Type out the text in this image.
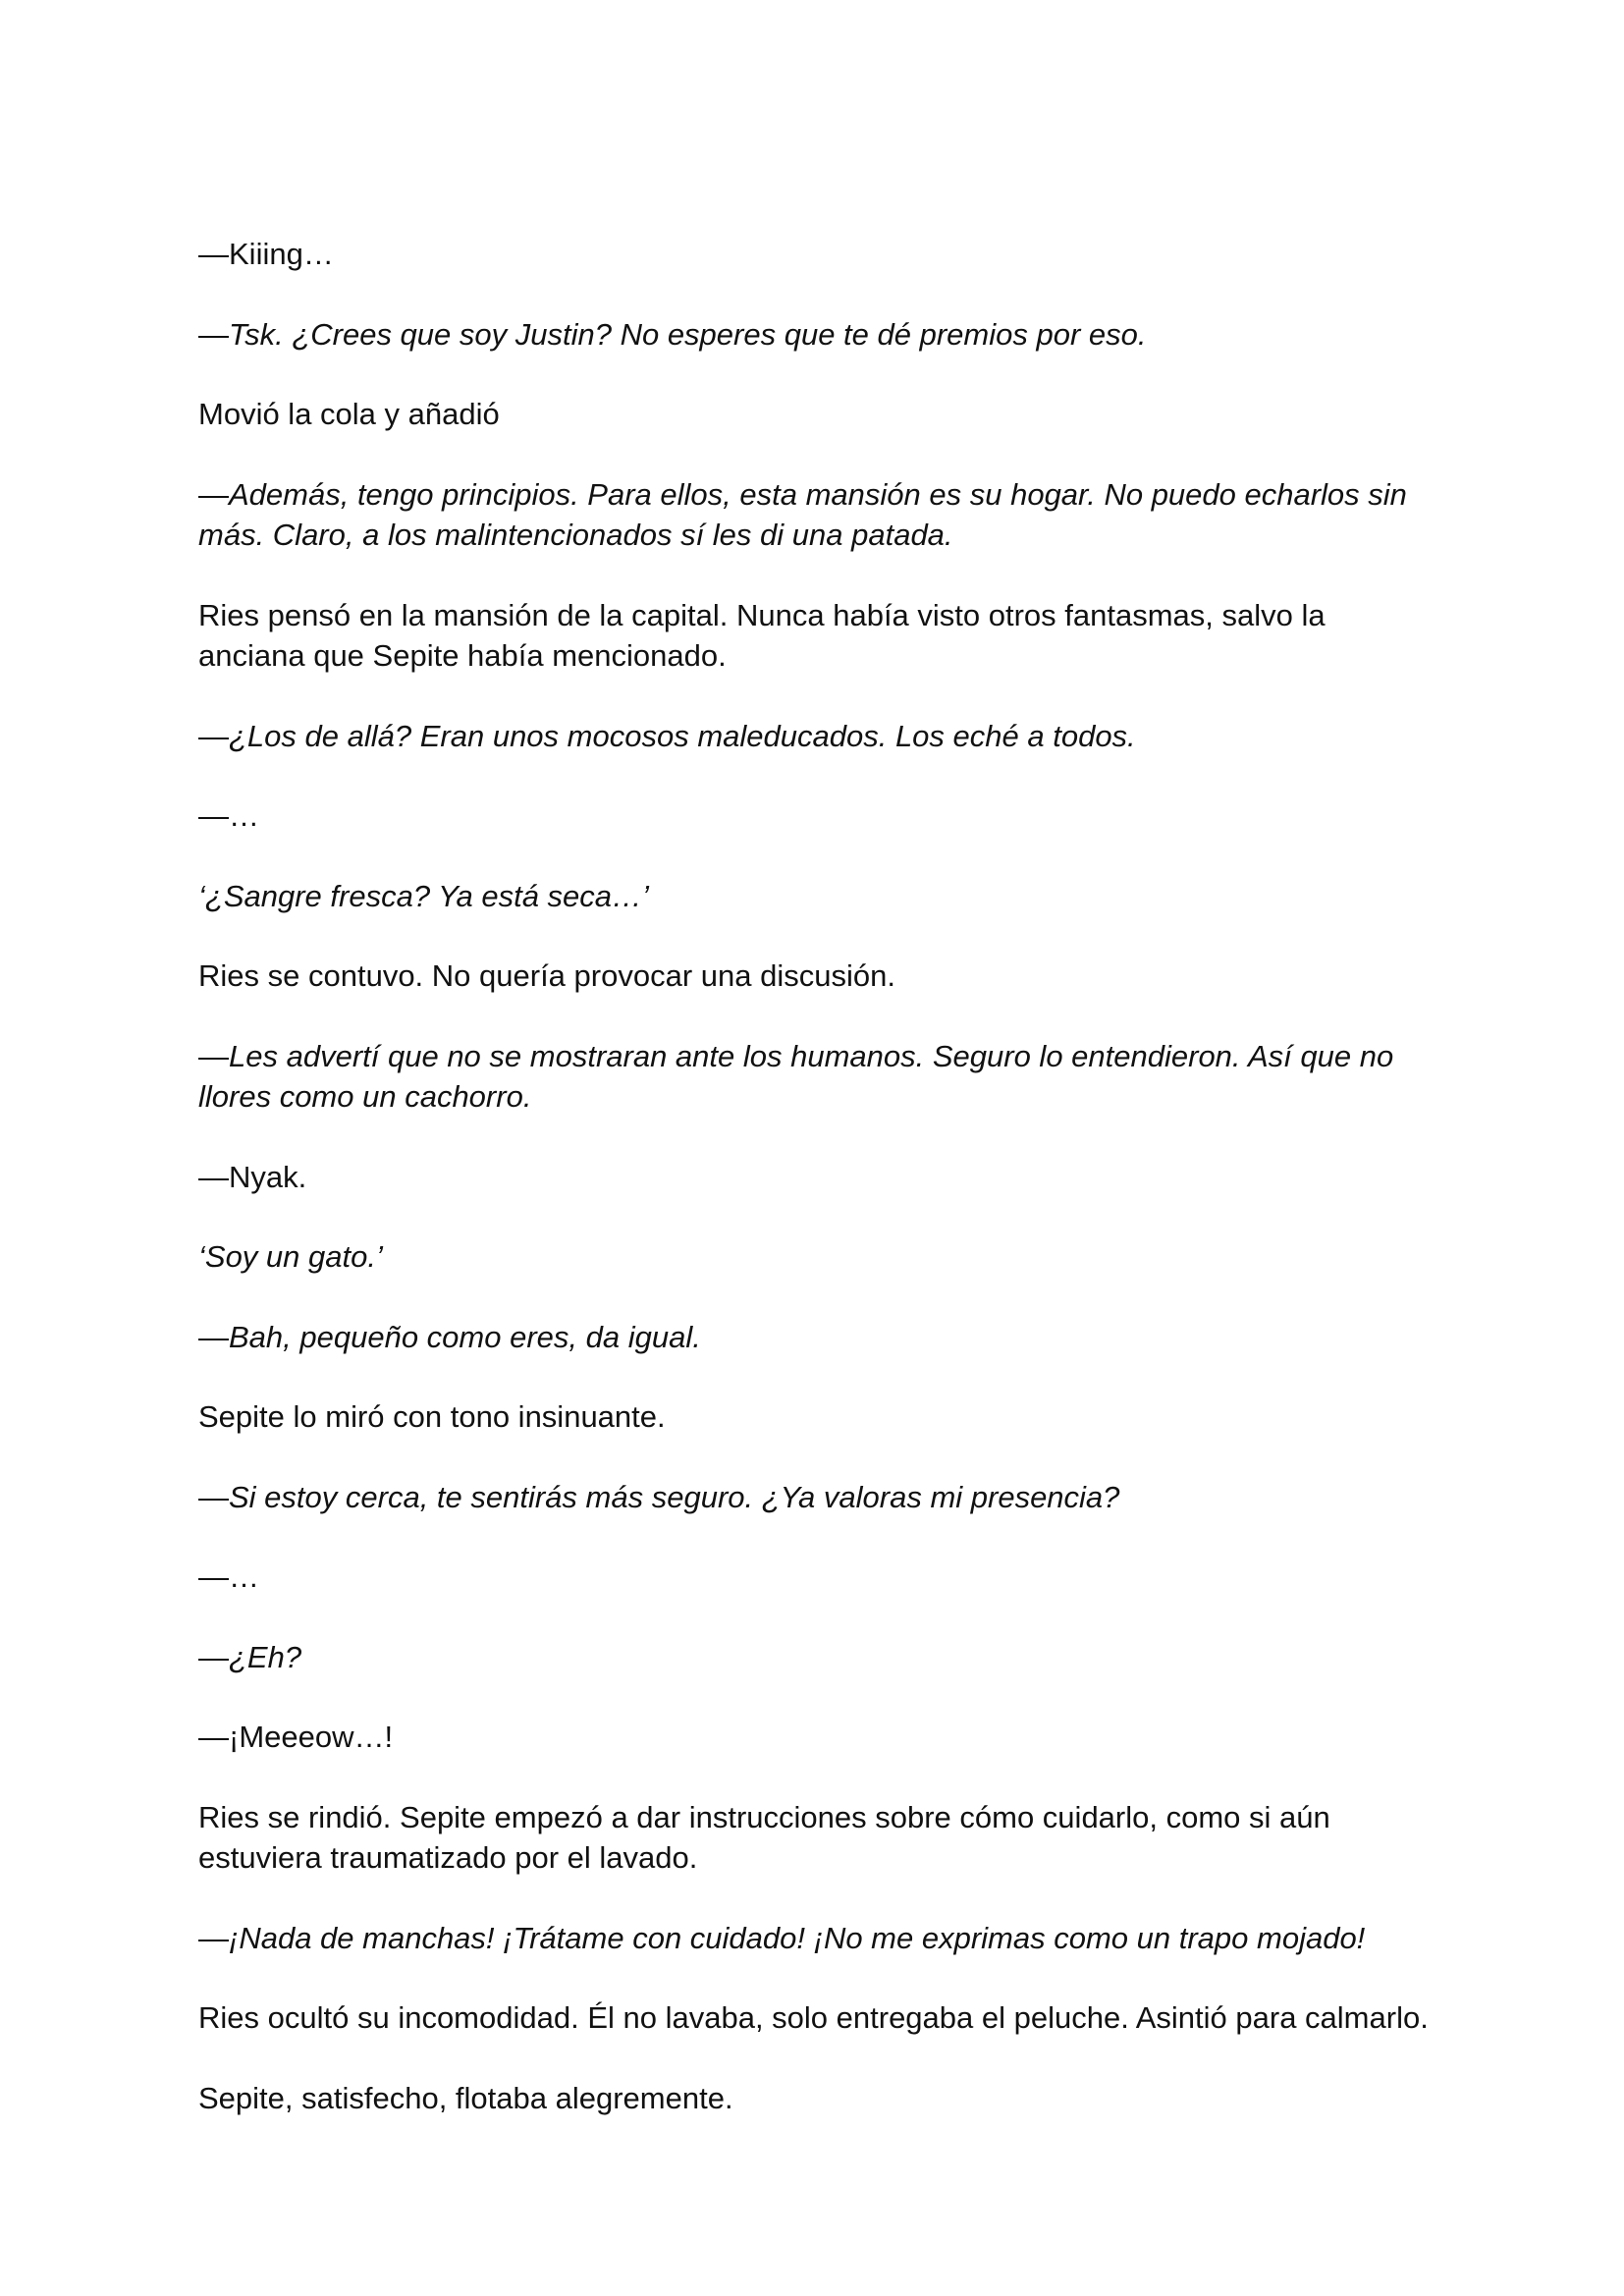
—Kiiing…

—Tsk. ¿Crees que soy Justin? No esperes que te dé premios por eso.

Movió la cola y añadió

—Además, tengo principios. Para ellos, esta mansión es su hogar. No puedo echarlos sin más. Claro, a los malintencionados sí les di una patada.

Ries pensó en la mansión de la capital. Nunca había visto otros fantasmas, salvo la anciana que Sepite había mencionado.

—¿Los de allá? Eran unos mocosos maleducados. Los eché a todos.

—…

‘¿Sangre fresca? Ya está seca…’

Ries se contuvo. No quería provocar una discusión.

—Les advertí que no se mostraran ante los humanos. Seguro lo entendieron. Así que no llores como un cachorro.

—Nyak.

‘Soy un gato.’

—Bah, pequeño como eres, da igual.

Sepite lo miró con tono insinuante.

—Si estoy cerca, te sentirás más seguro. ¿Ya valoras mi presencia?

—…

—¿Eh?

—¡Meeeow…!

Ries se rindió. Sepite empezó a dar instrucciones sobre cómo cuidarlo, como si aún estuviera traumatizado por el lavado.

—¡Nada de manchas! ¡Trátame con cuidado! ¡No me exprimas como un trapo mojado!

Ries ocultó su incomodidad. Él no lavaba, solo entregaba el peluche. Asintió para calmarlo.

Sepite, satisfecho, flotaba alegremente.
